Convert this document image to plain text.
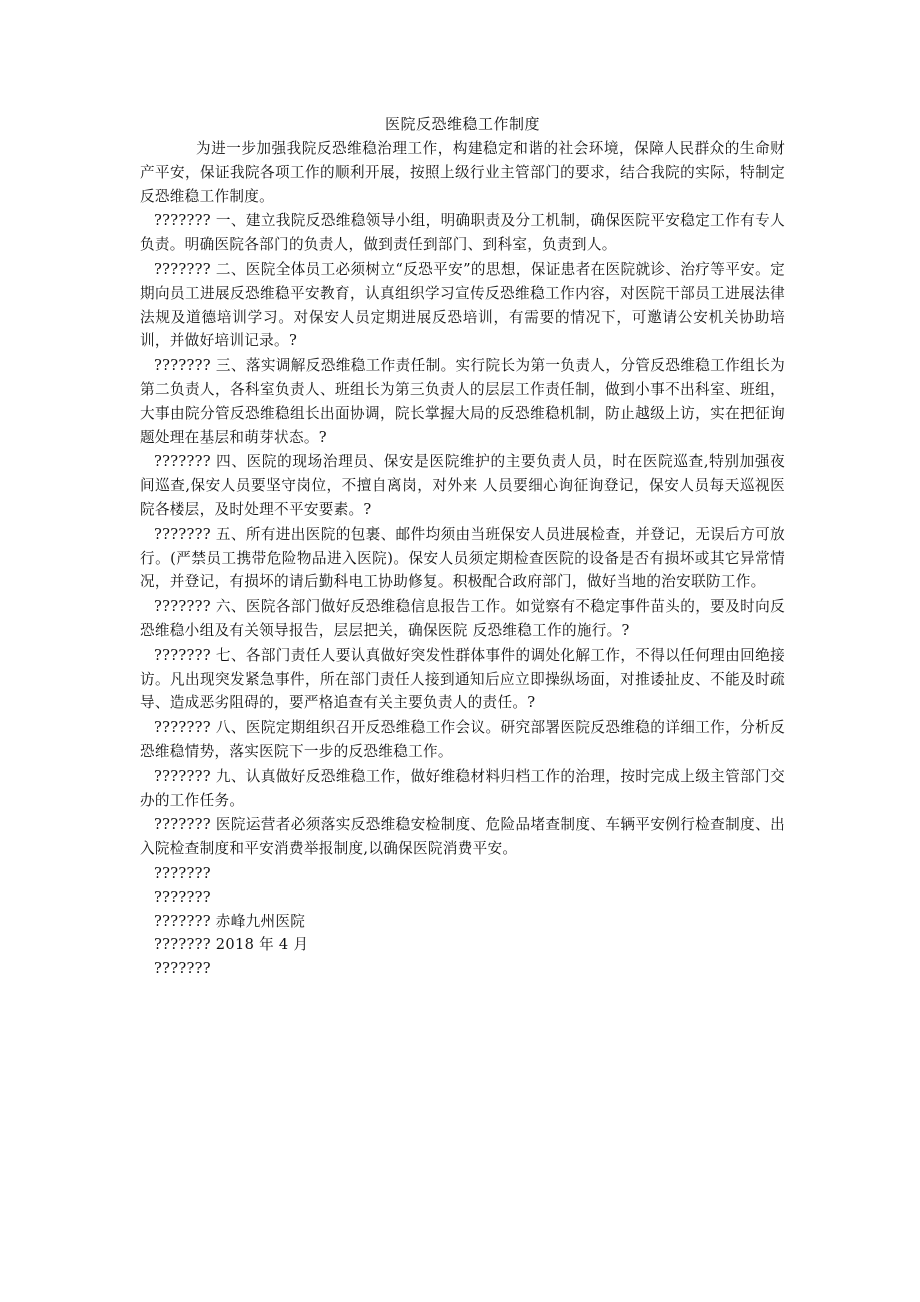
医院反恐维稳工作制度

为进一步加强我院反恐维稳治理工作，构建稳定和谐的社会环境，保障人民群众的生命财产平安，保证我院各项工作的顺利开展，按照上级行业主管部门的要求，结合我院的实际，特制定反恐维稳工作制度。

??????? 一、建立我院反恐维稳领导小组，明确职责及分工机制，确保医院平安稳定工作有专人负责。明确医院各部门的负责人，做到责任到部门、到科室，负责到人。

??????? 二、医院全体员工必须树立“反恐平安”的思想，保证患者在医院就诊、治疗等平安。定期向员工进展反恐维稳平安教育，认真组织学习宣传反恐维稳工作内容，对医院干部员工进展法律法规及道德培训学习。对保安人员定期进展反恐培训，有需要的情况下，可邀请公安机关协助培训，并做好培训记录。?

??????? 三、落实调解反恐维稳工作责任制。实行院长为第一负责人，分管反恐维稳工作组长为第二负责人，各科室负责人、班组长为第三负责人的层层工作责任制，做到小事不出科室、班组，大事由院分管反恐维稳组长出面协调，院长掌握大局的反恐维稳机制，防止越级上访，实在把征询题处理在基层和萌芽状态。?

??????? 四、医院的现场治理员、保安是医院维护的主要负责人员，时在医院巡查,特别加强夜间巡查,保安人员要坚守岗位，不擅自离岗，对外来 人员要细心询征询登记，保安人员每天巡视医院各楼层，及时处理不平安要素。?

??????? 五、所有进出医院的包裹、邮件均须由当班保安人员进展检查，并登记，无误后方可放行。(严禁员工携带危险物品进入医院)。保安人员须定期检查医院的设备是否有损坏或其它异常情况，并登记，有损坏的请后勤科电工协助修复。积极配合政府部门，做好当地的治安联防工作。

??????? 六、医院各部门做好反恐维稳信息报告工作。如觉察有不稳定事件苗头的，要及时向反恐维稳小组及有关领导报告，层层把关，确保医院 反恐维稳工作的施行。?

??????? 七、各部门责任人要认真做好突发性群体事件的调处化解工作，不得以任何理由回绝接访。凡出现突发紧急事件，所在部门责任人接到通知后应立即操纵场面，对推诿扯皮、不能及时疏导、造成恶劣阻碍的，要严格追查有关主要负责人的责任。?

??????? 八、医院定期组织召开反恐维稳工作会议。研究部署医院反恐维稳的详细工作，分析反恐维稳情势，落实医院下一步的反恐维稳工作。

??????? 九、认真做好反恐维稳工作，做好维稳材料归档工作的治理，按时完成上级主管部门交办的工作任务。

??????? 医院运营者必须落实反恐维稳安检制度、危险品堵查制度、车辆平安例行检查制度、出入院检查制度和平安消费举报制度,以确保医院消费平安。

???????

???????

??????? 赤峰九州医院

??????? 2018 年 4 月

???????
